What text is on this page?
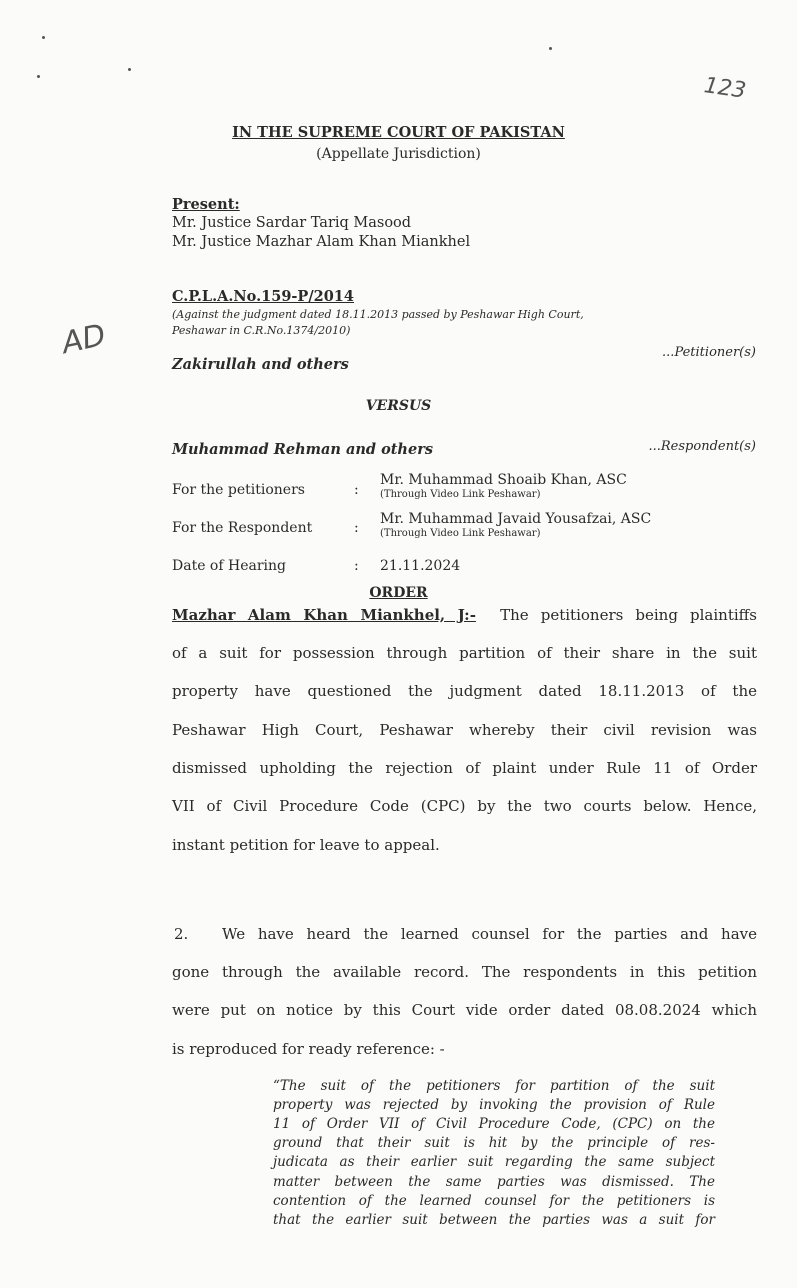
123
AD
IN THE SUPREME COURT OF PAKISTAN
(Appellate Jurisdiction)
Present:
Mr. Justice Sardar Tariq Masood
Mr. Justice Mazhar Alam Khan Miankhel
C.P.L.A.No.159-P/2014
(Against the judgment dated 18.11.2013 passed by Peshawar High Court,
Peshawar in C.R.No.1374/2010)
Zakirullah and others
...Petitioner(s)
VERSUS
Muhammad Rehman and others	...Respondent(s)
For the petitioners	:
Mr. Muhammad Shoaib Khan, ASC
(Through Video Link Peshawar)
For the Respondent	:
Mr. Muhammad Javaid Yousafzai, ASC
(Through Video Link Peshawar)
Date of Hearing	: 21.11.2024
ORDER
Mazhar Alam Khan Miankhel, J:- The petitioners being plaintiffs
of a suit for possession through partition of their share in the suit
property have questioned the judgment dated 18.11.2013 of the
Peshawar High Court, Peshawar whereby their civil revision was
dismissed upholding the rejection of plaint under Rule 11 of Order
VII of Civil Procedure Code (CPC) by the two courts below. Hence,
instant petition for leave to appeal.
2. We have heard the learned counsel for the parties and have
gone through the available record. The respondents in this petition
were put on notice by this Court vide order dated 08.08.2024 which
is reproduced for ready reference: -
“The suit of the petitioners for partition of the suit
property was rejected by invoking the provision of Rule
11 of Order VII of Civil Procedure Code, (CPC) on the
ground that their suit is hit by the principle of res-
judicata as their earlier suit regarding the same subject
matter between the same parties was dismissed. The
contention of the learned counsel for the petitioners is
that the earlier suit between the parties was a suit for
